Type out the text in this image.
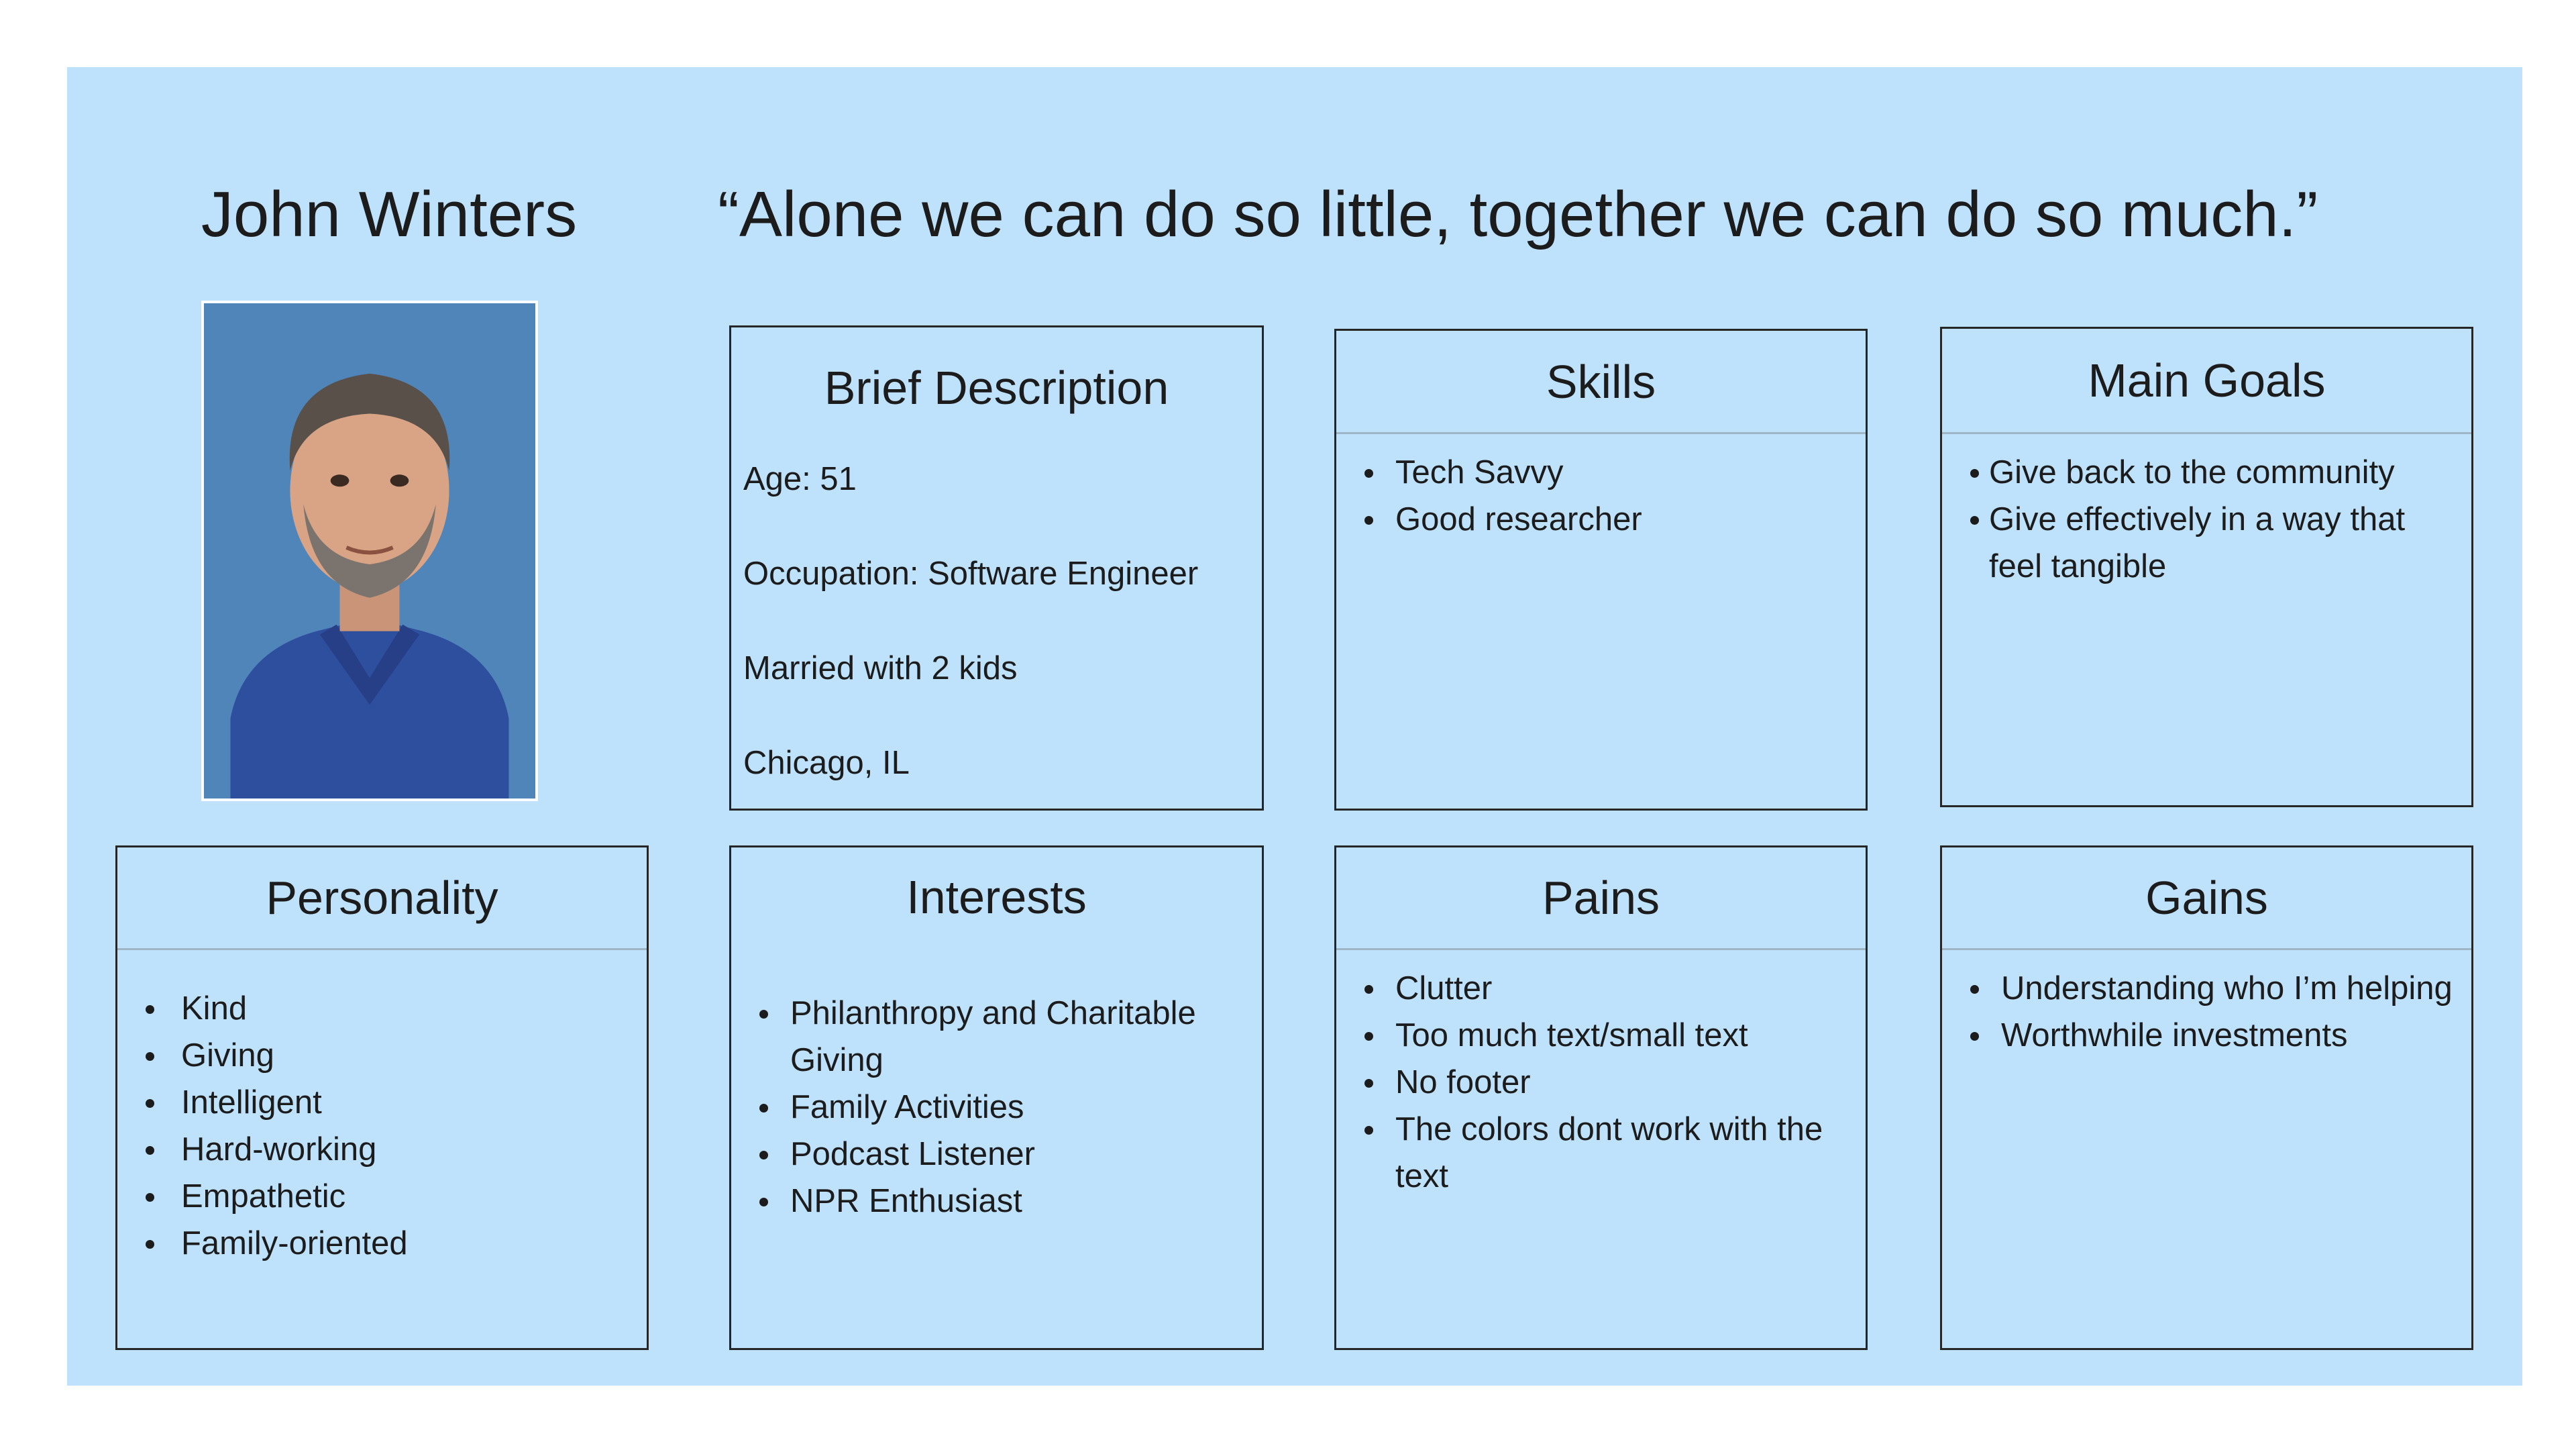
John Winters	“Alone we can do so little, together we can do so much.”
Brief Description
Age: 51
Occupation: Software Engineer
Married with 2 kids
Chicago, IL
Skills
Tech Savvy
Good researcher
Main Goals
Give back to the community
Give effectively in a way that feel tangible
Personality
Kind
Giving
Intelligent
Hard-working
Empathetic
Family-oriented
Interests
Philanthropy and Charitable Giving
Family Activities
Podcast Listener
NPR Enthusiast
Pains
Clutter
Too much text/small text
No footer
The colors dont work with the text
Gains
Understanding who I’m helping
Worthwhile investments
